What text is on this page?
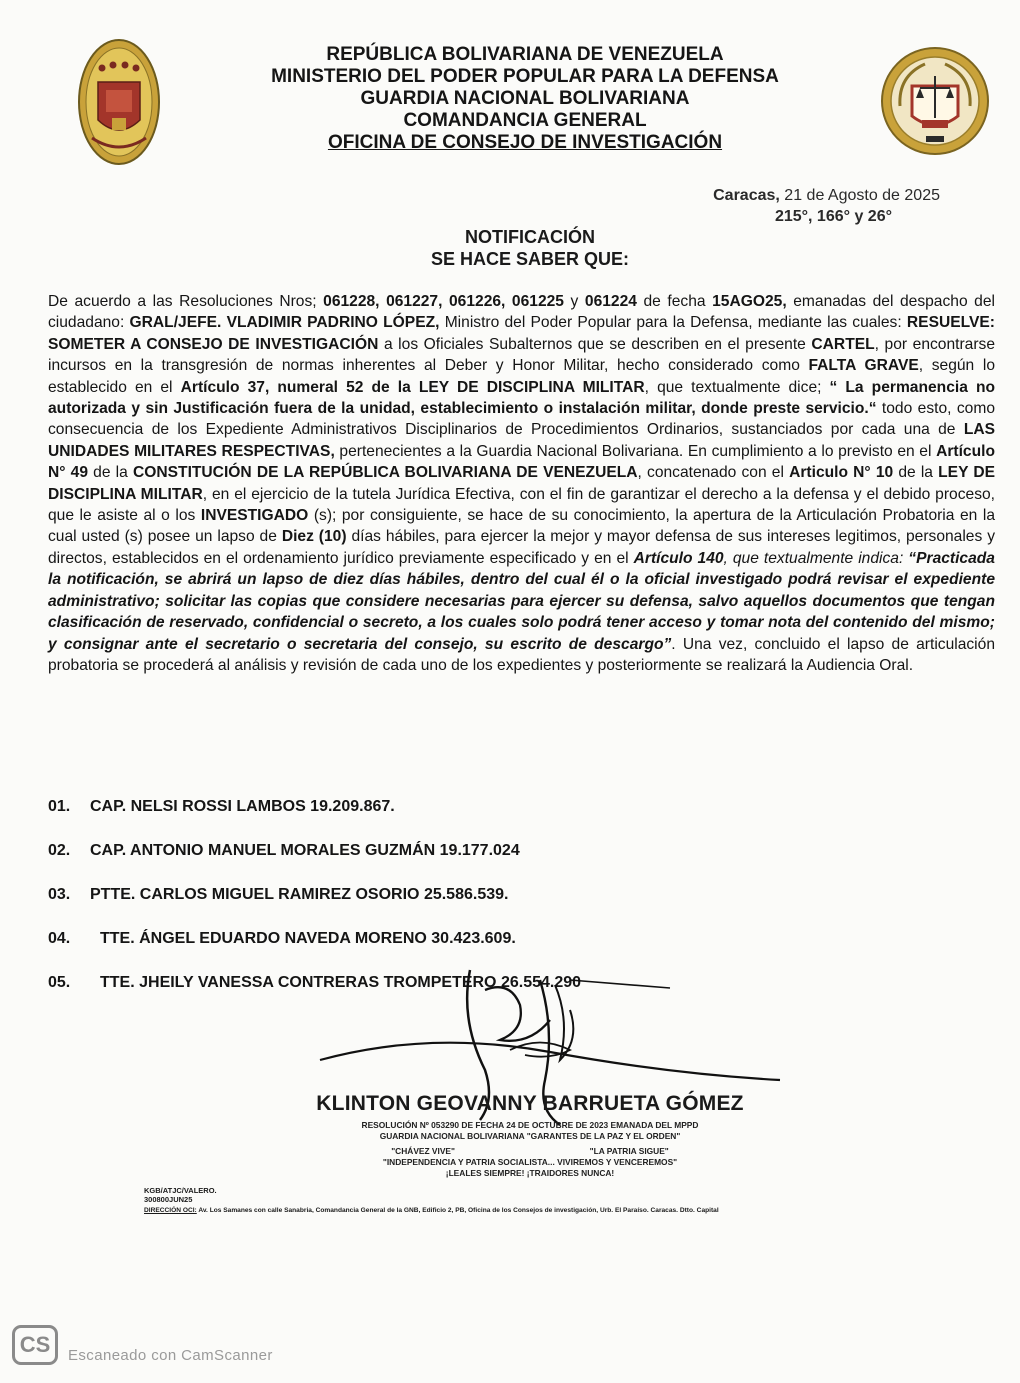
REPÚBLICA BOLIVARIANA DE VENEZUELA
MINISTERIO DEL PODER POPULAR PARA LA DEFENSA
GUARDIA NACIONAL BOLIVARIANA
COMANDANCIA GENERAL
OFICINA DE CONSEJO DE INVESTIGACIÓN
Caracas, 21 de Agosto de 2025
215°, 166° y 26°
NOTIFICACIÓN
SE HACE SABER QUE:
De acuerdo a las Resoluciones Nros; 061228, 061227, 061226, 061225 y 061224 de fecha 15AGO25, emanadas del despacho del ciudadano: GRAL/JEFE. VLADIMIR PADRINO LÓPEZ, Ministro del Poder Popular para la Defensa, mediante las cuales: RESUELVE: SOMETER A CONSEJO DE INVESTIGACIÓN a los Oficiales Subalternos que se describen en el presente CARTEL, por encontrarse incursos en la transgresión de normas inherentes al Deber y Honor Militar, hecho considerado como FALTA GRAVE, según lo establecido en el Artículo 37, numeral 52 de la LEY DE DISCIPLINA MILITAR, que textualmente dice; “ La permanencia no autorizada y sin Justificación fuera de la unidad, establecimiento o instalación militar, donde preste servicio.“ todo esto, como consecuencia de los Expediente Administrativos Disciplinarios de Procedimientos Ordinarios, sustanciados por cada una de LAS UNIDADES MILITARES RESPECTIVAS, pertenecientes a la Guardia Nacional Bolivariana. En cumplimiento a lo previsto en el Artículo N° 49 de la CONSTITUCIÓN DE LA REPÚBLICA BOLIVARIANA DE VENEZUELA, concatenado con el Articulo N° 10 de la LEY DE DISCIPLINA MILITAR, en el ejercicio de la tutela Jurídica Efectiva, con el fin de garantizar el derecho a la defensa y el debido proceso, que le asiste al o los INVESTIGADO (s); por consiguiente, se hace de su conocimiento, la apertura de la Articulación Probatoria en la cual usted (s) posee un lapso de Diez (10) días hábiles, para ejercer la mejor y mayor defensa de sus intereses legitimos, personales y directos, establecidos en el ordenamiento jurídico previamente especificado y en el Artículo 140, que textualmente indica: “Practicada la notificación, se abrirá un lapso de diez días hábiles, dentro del cual él o la oficial investigado podrá revisar el expediente administrativo; solicitar las copias que considere necesarias para ejercer su defensa, salvo aquellos documentos que tengan clasificación de reservado, confidencial o secreto, a los cuales solo podrá tener acceso y tomar nota del contenido del mismo; y consignar ante el secretario o secretaria del consejo, su escrito de descargo”. Una vez, concluido el lapso de articulación probatoria se procederá al análisis y revisión de cada uno de los expedientes y posteriormente se realizará la Audiencia Oral.
01. CAP. NELSI ROSSI LAMBOS 19.209.867.
02. CAP. ANTONIO MANUEL MORALES GUZMÁN 19.177.024
03. PTTE. CARLOS MIGUEL RAMIREZ OSORIO 25.586.539.
04. TTE. ÁNGEL EDUARDO NAVEDA MORENO 30.423.609.
05. TTE. JHEILY VANESSA CONTRERAS TROMPETERO 26.554.290
KLINTON GEOVANNY BARRUETA GÓMEZ
RESOLUCIÓN Nº 053290 DE FECHA 24 DE OCTUBRE DE 2023 EMANADA DEL MPPD
GUARDIA NACIONAL BOLIVARIANA "GARANTES DE LA PAZ Y EL ORDEN"
"CHÁVEZ VIVE"	"LA PATRIA SIGUE"
"INDEPENDENCIA Y PATRIA SOCIALISTA... VIVIREMOS Y VENCEREMOS"
¡LEALES SIEMPRE! ¡TRAIDORES NUNCA!
KGB/ATJC/VALERO.
300800JUN25
DIRECCIÓN OCI: Av. Los Samanes con calle Sanabria, Comandancia General de la GNB, Edificio 2, PB, Oficina de los Consejos de investigación, Urb. El Paraíso. Caracas. Dtto. Capital
CS	Escaneado con CamScanner
